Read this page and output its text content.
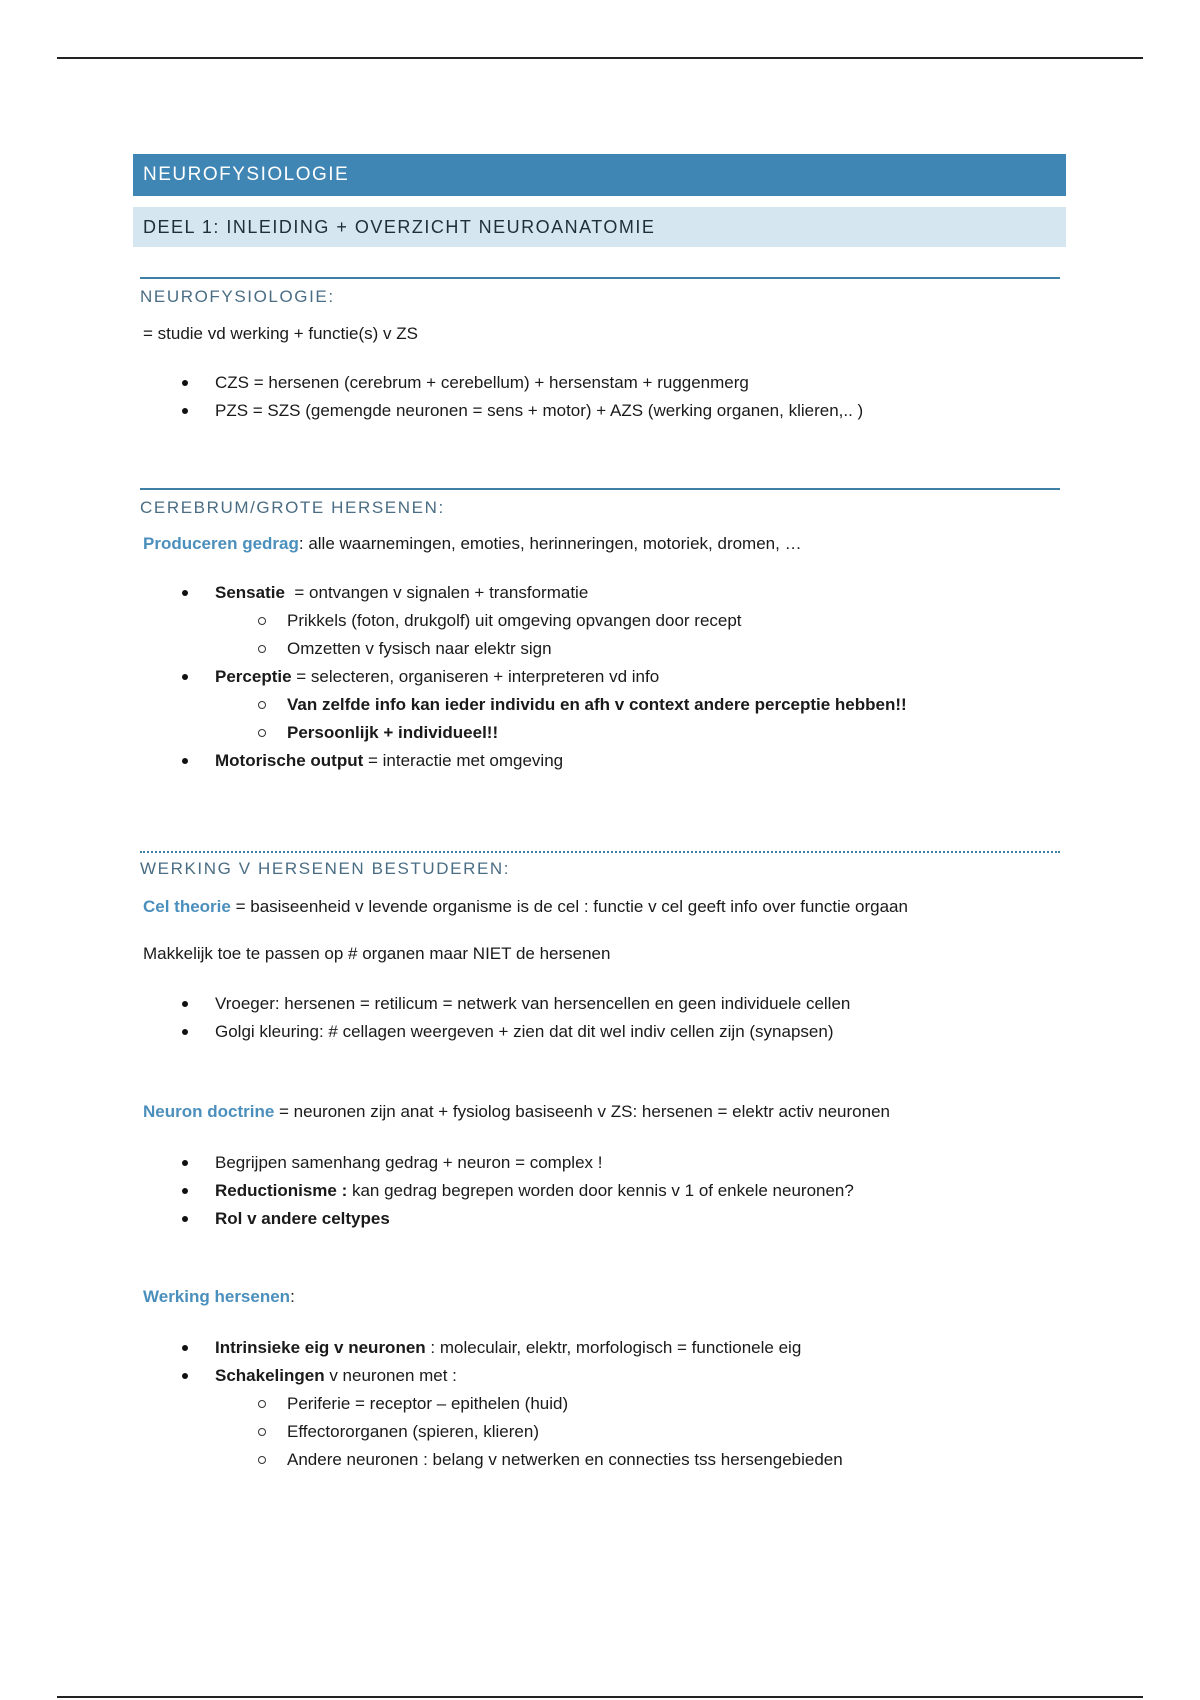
NEUROFYSIOLOGIE
DEEL 1: INLEIDING + OVERZICHT NEUROANATOMIE
NEUROFYSIOLOGIE:
= studie vd werking + functie(s) v ZS
CZS = hersenen (cerebrum + cerebellum) + hersenstam + ruggenmerg
PZS = SZS (gemengde neuronen = sens + motor) + AZS (werking organen, klieren,.. )
CEREBRUM/GROTE HERSENEN:
Produceren gedrag: alle waarnemingen, emoties, herinneringen, motoriek, dromen, …
Sensatie  = ontvangen v signalen + transformatie
Prikkels (foton, drukgolf) uit omgeving opvangen door recept
Omzetten v fysisch naar elektr sign
Perceptie = selecteren, organiseren + interpreteren vd info
Van zelfde info kan ieder individu en afh v context andere perceptie hebben!!
Persoonlijk + individueel!!
Motorische output = interactie met omgeving
WERKING V HERSENEN BESTUDEREN:
Cel theorie = basiseenheid v levende organisme is de cel : functie v cel geeft info over functie orgaan
Makkelijk toe te passen op # organen maar NIET de hersenen
Vroeger: hersenen = retilicum = netwerk van hersencellen en geen individuele cellen
Golgi kleuring: # cellagen weergeven + zien dat dit wel indiv cellen zijn (synapsen)
Neuron doctrine = neuronen zijn anat + fysiolog basiseenh v ZS: hersenen = elektr activ neuronen
Begrijpen samenhang gedrag + neuron = complex !
Reductionisme : kan gedrag begrepen worden door kennis v 1 of enkele neuronen?
Rol v andere celtypes
Werking hersenen:
Intrinsieke eig v neuronen : moleculair, elektr, morfologisch = functionele eig
Schakelingen v neuronen met :
Periferie = receptor – epithelen (huid)
Effectororganen (spieren, klieren)
Andere neuronen : belang v netwerken en connecties tss hersengebieden
